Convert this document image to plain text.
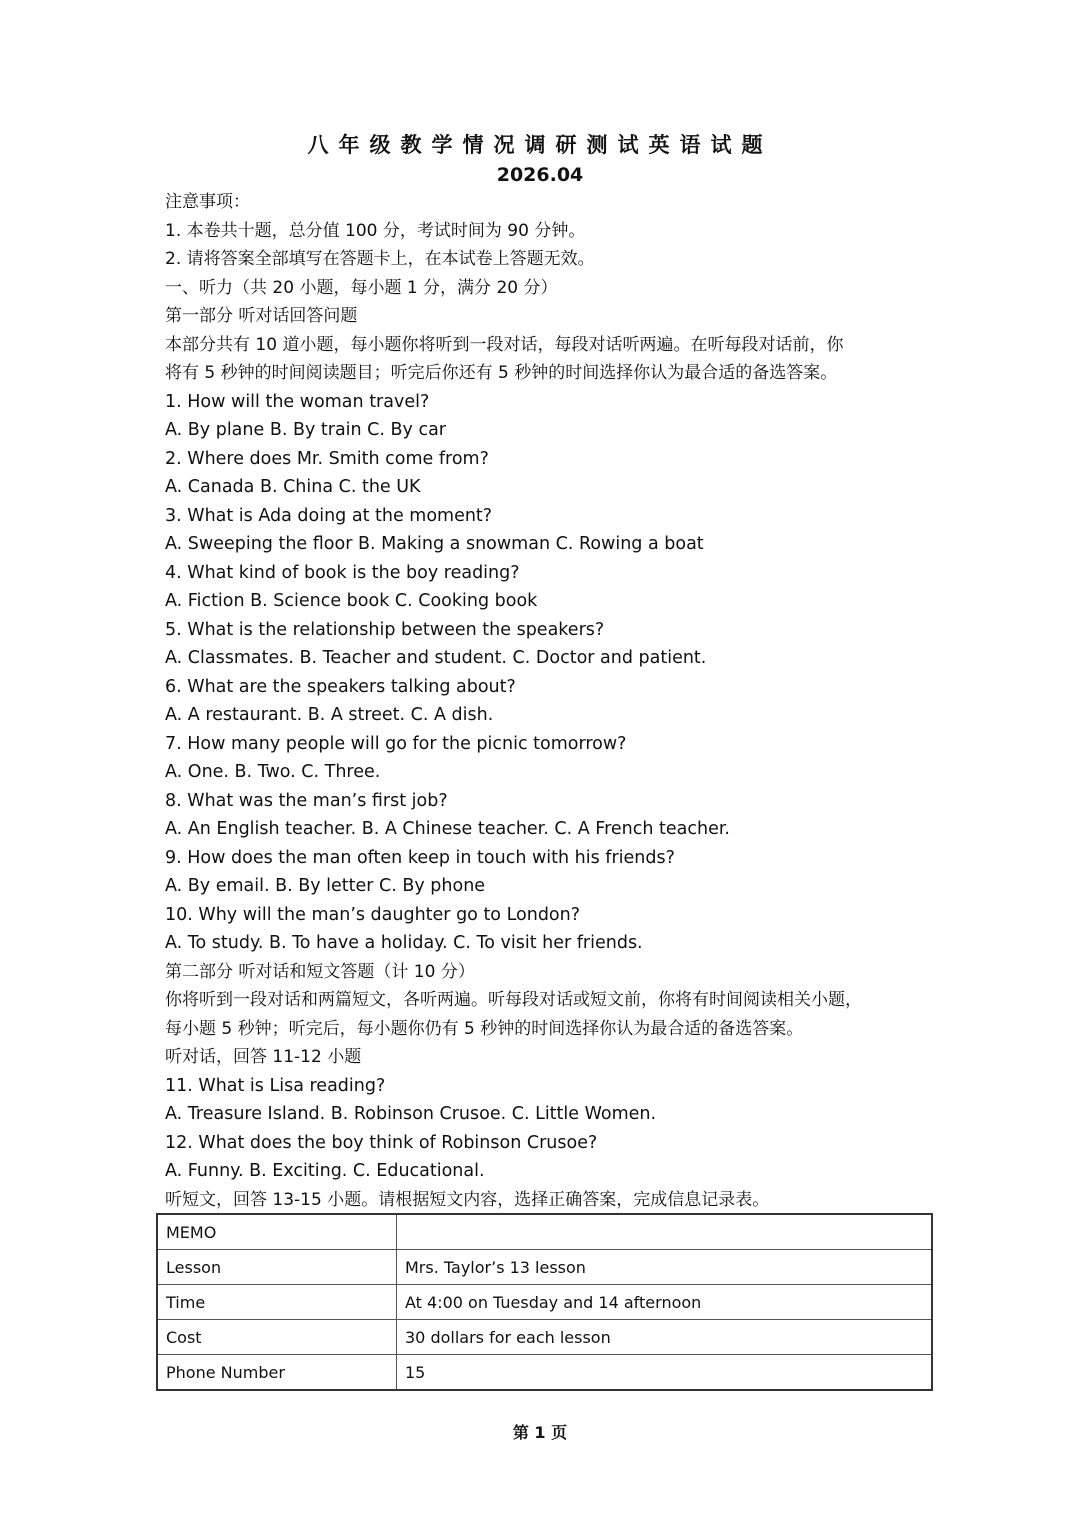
八年级教学情况调研测试英语试题
2026.04
注意事项：
1. 本卷共十题，总分值 100 分，考试时间为 90 分钟。
2. 请将答案全部填写在答题卡上，在本试卷上答题无效。
一、听力（共 20 小题，每小题 1 分，满分 20 分）
第一部分 听对话回答问题
本部分共有 10 道小题，每小题你将听到一段对话，每段对话听两遍。在听每段对话前，你
将有 5 秒钟的时间阅读题目；听完后你还有 5 秒钟的时间选择你认为最合适的备选答案。
1. How will the woman travel?
A. By plane B. By train C. By car
2. Where does Mr. Smith come from?
A. Canada B. China C. the UK
3. What is Ada doing at the moment?
A. Sweeping the floor B. Making a snowman C. Rowing a boat
4. What kind of book is the boy reading?
A. Fiction B. Science book C. Cooking book
5. What is the relationship between the speakers?
A. Classmates. B. Teacher and student. C. Doctor and patient.
6. What are the speakers talking about?
A. A restaurant. B. A street. C. A dish.
7. How many people will go for the picnic tomorrow?
A. One. B. Two. C. Three.
8. What was the man’s first job?
A. An English teacher. B. A Chinese teacher. C. A French teacher.
9. How does the man often keep in touch with his friends?
A. By email. B. By letter C. By phone
10. Why will the man’s daughter go to London?
A. To study. B. To have a holiday. C. To visit her friends.
第二部分 听对话和短文答题（计 10 分）
你将听到一段对话和两篇短文，各听两遍。听每段对话或短文前，你将有时间阅读相关小题，
每小题 5 秒钟；听完后，每小题你仍有 5 秒钟的时间选择你认为最合适的备选答案。
听对话，回答 11-12 小题
11. What is Lisa reading?
A. Treasure Island. B. Robinson Crusoe. C. Little Women.
12. What does the boy think of Robinson Crusoe?
A. Funny. B. Exciting. C. Educational.
听短文，回答 13-15 小题。请根据短文内容，选择正确答案，完成信息记录表。
MEMO	
Lesson	Mrs. Taylor’s 13 lesson
Time	At 4:00 on Tuesday and 14 afternoon
Cost	30 dollars for each lesson
Phone Number	15
第 1 页
